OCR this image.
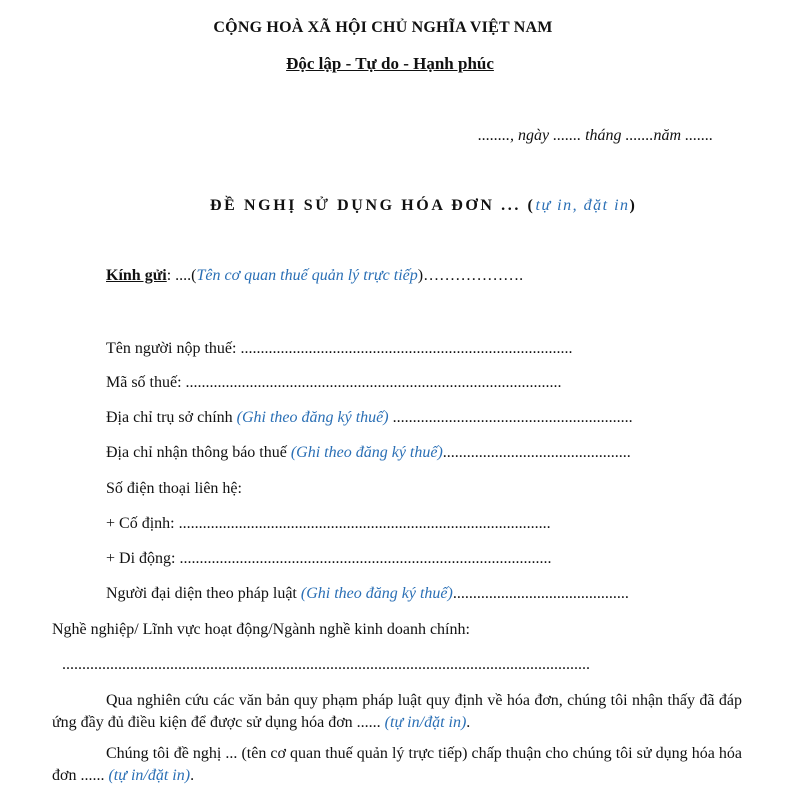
CỘNG HOÀ XÃ HỘI CHỦ NGHĨA VIỆT NAM
Độc lập - Tự do - Hạnh phúc
........, ngày ....... tháng .......năm .......
ĐỀ NGHỊ SỬ DỤNG HÓA ĐƠN ... (tự in, đặt in)
Kính gửi: ....(Tên cơ quan thuế quản lý trực tiếp)……………….
Tên người nộp thuế: ...................................................................................
Mã số thuế: ..............................................................................................
Địa chỉ trụ sở chính (Ghi theo đăng ký thuế) ............................................................
Địa chỉ nhận thông báo thuế (Ghi theo đăng ký thuế)...............................................
Số điện thoại liên hệ:
+ Cố định: .............................................................................................
+ Di động: .............................................................................................
Người đại diện theo pháp luật (Ghi theo đăng ký thuế)............................................
Nghề nghiệp/ Lĩnh vực hoạt động/Ngành nghề kinh doanh chính:
....................................................................................................................................
Qua nghiên cứu các văn bản quy phạm pháp luật quy định về hóa đơn, chúng tôi nhận thấy đã đáp ứng đầy đủ điều kiện để được sử dụng hóa đơn ...... (tự in/đặt in).
Chúng tôi đề nghị ... (tên cơ quan thuế quản lý trực tiếp) chấp thuận cho chúng tôi sử dụng hóa hóa đơn ...... (tự in/đặt in).
